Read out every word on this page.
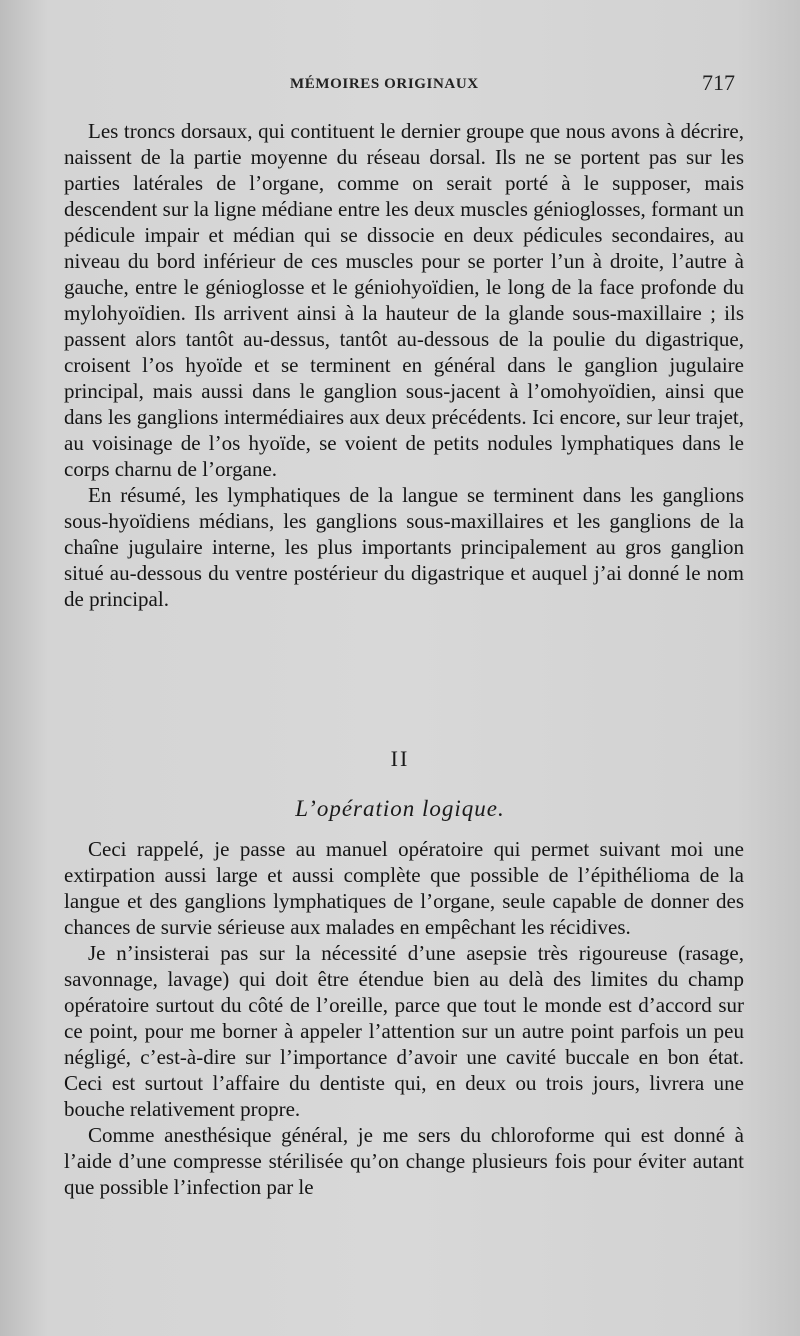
MÉMOIRES ORIGINAUX	717

Les troncs dorsaux, qui contituent le dernier groupe que nous avons à décrire, naissent de la partie moyenne du réseau dorsal. Ils ne se portent pas sur les parties latérales de l’organe, comme on serait porté à le supposer, mais descendent sur la ligne médiane entre les deux muscles génioglosses, formant un pédicule impair et médian qui se dissocie en deux pédicules secondaires, au niveau du bord inférieur de ces muscles pour se porter l’un à droite, l’autre à gauche, entre le génioglosse et le géniohyoïdien, le long de la face profonde du mylohyoïdien. Ils arrivent ainsi à la hauteur de la glande sous-maxillaire ; ils passent alors tantôt au-dessus, tantôt au-dessous de la poulie du digastrique, croisent l’os hyoïde et se terminent en général dans le ganglion jugulaire principal, mais aussi dans le ganglion sous-jacent à l’omohyoïdien, ainsi que dans les ganglions intermédiaires aux deux précédents. Ici encore, sur leur trajet, au voisinage de l’os hyoïde, se voient de petits nodules lymphatiques dans le corps charnu de l’organe.

En résumé, les lymphatiques de la langue se terminent dans les ganglions sous-hyoïdiens médians, les ganglions sous-maxillaires et les ganglions de la chaîne jugulaire interne, les plus importants principalement au gros ganglion situé au-dessous du ventre postérieur du digastrique et auquel j’ai donné le nom de principal.

II
L’opération logique.

Ceci rappelé, je passe au manuel opératoire qui permet suivant moi une extirpation aussi large et aussi complète que possible de l’épithélioma de la langue et des ganglions lymphatiques de l’organe, seule capable de donner des chances de survie sérieuse aux malades en empêchant les récidives.

Je n’insisterai pas sur la nécessité d’une asepsie très rigoureuse (rasage, savonnage, lavage) qui doit être étendue bien au delà des limites du champ opératoire surtout du côté de l’oreille, parce que tout le monde est d’accord sur ce point, pour me borner à appeler l’attention sur un autre point parfois un peu négligé, c’est-à-dire sur l’importance d’avoir une cavité buccale en bon état. Ceci est surtout l’affaire du dentiste qui, en deux ou trois jours, livrera une bouche relativement propre.

Comme anesthésique général, je me sers du chloroforme qui est donné à l’aide d’une compresse stérilisée qu’on change plusieurs fois pour éviter autant que possible l’infection par le
